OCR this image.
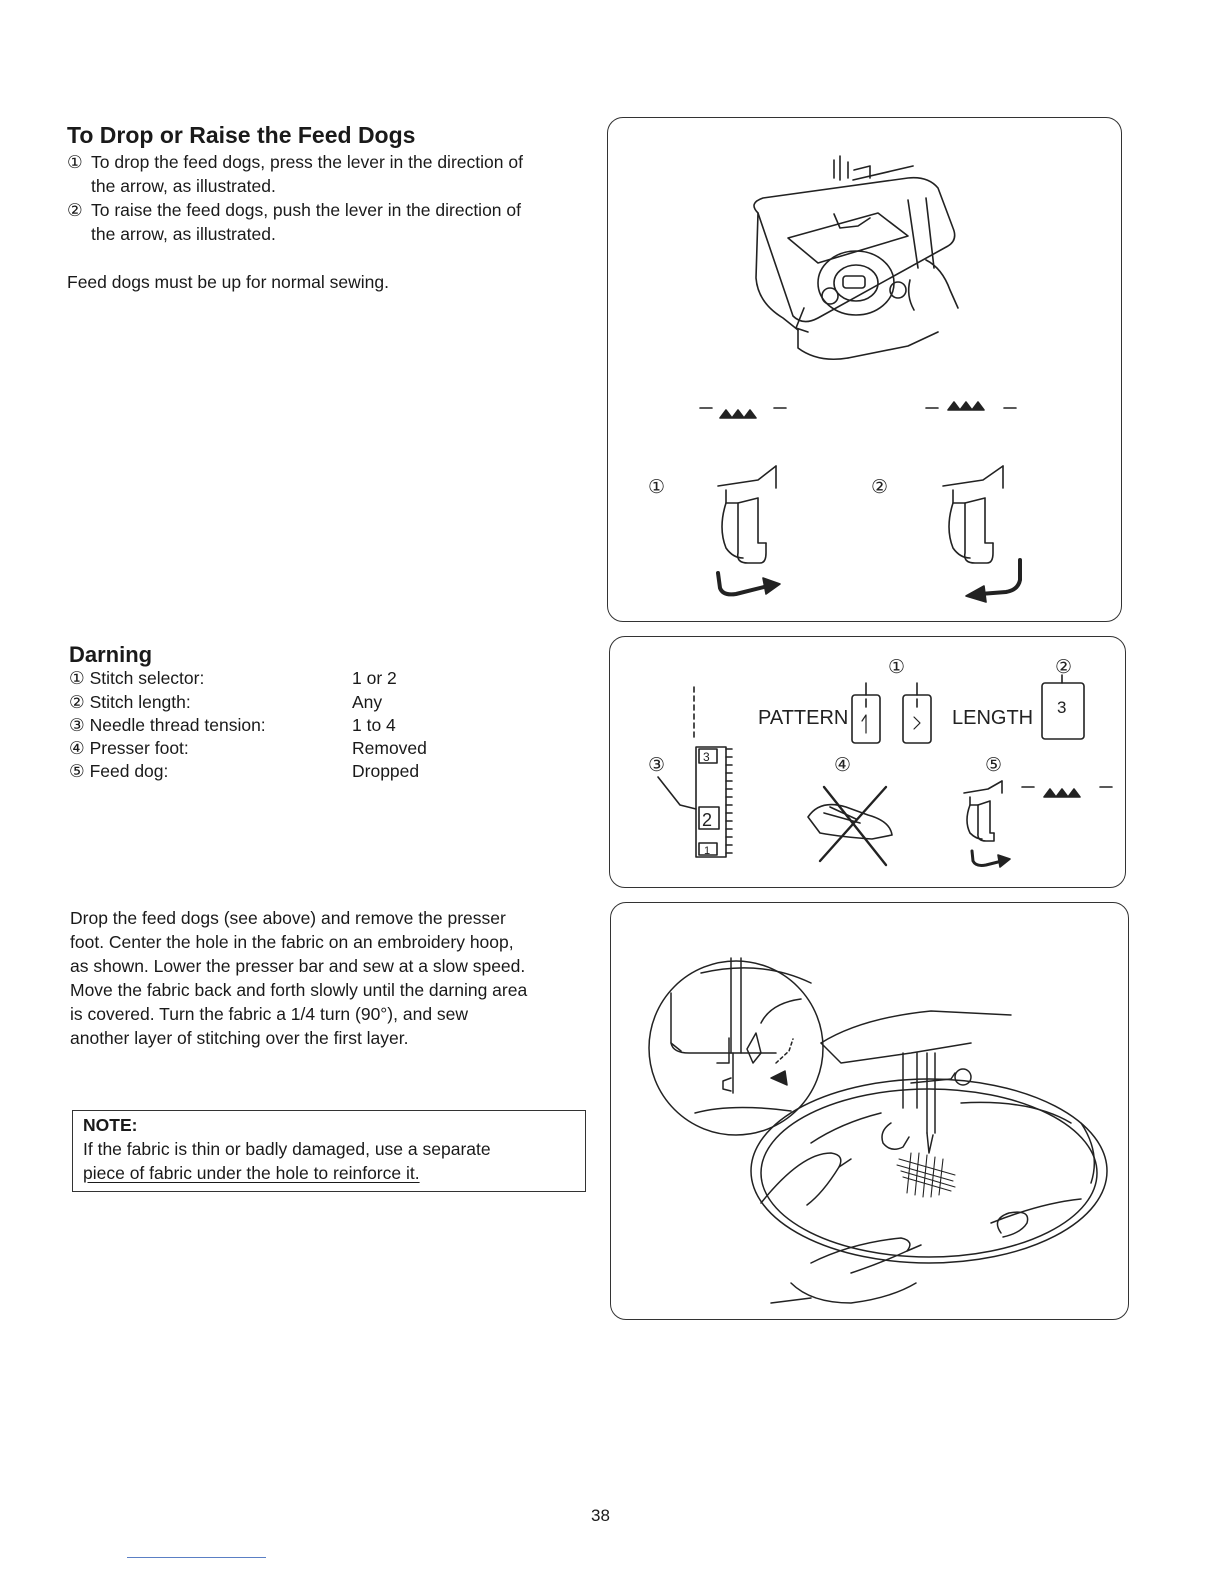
To Drop or Raise the Feed Dogs
① To drop the feed dogs, press the lever in the direction of
the arrow, as illustrated.
② To raise the feed dogs, push the lever in the direction of
the arrow, as illustrated.
Feed dogs must be up for normal sewing.
Darning
① Stitch selector:	1 or 2
② Stitch length:	Any
③ Needle thread tension:	1 to 4
④ Presser foot:	Removed
⑤ Feed dog:	Dropped
Drop the feed dogs (see above) and remove the presser
foot. Center the hole in the fabric on an embroidery hoop,
as shown. Lower the presser bar and sew at a slow speed.
Move the fabric back and forth slowly until the darning area
is covered. Turn the fabric a 1/4 turn (90°), and sew
another layer of stitching over the first layer.
NOTE:
If the fabric is thin or badly damaged, use a separate
piece of fabric under the hole to reinforce it.
①	②
①	②
PATTERN	LENGTH 3
③	④	⑤
3
2
1
38
